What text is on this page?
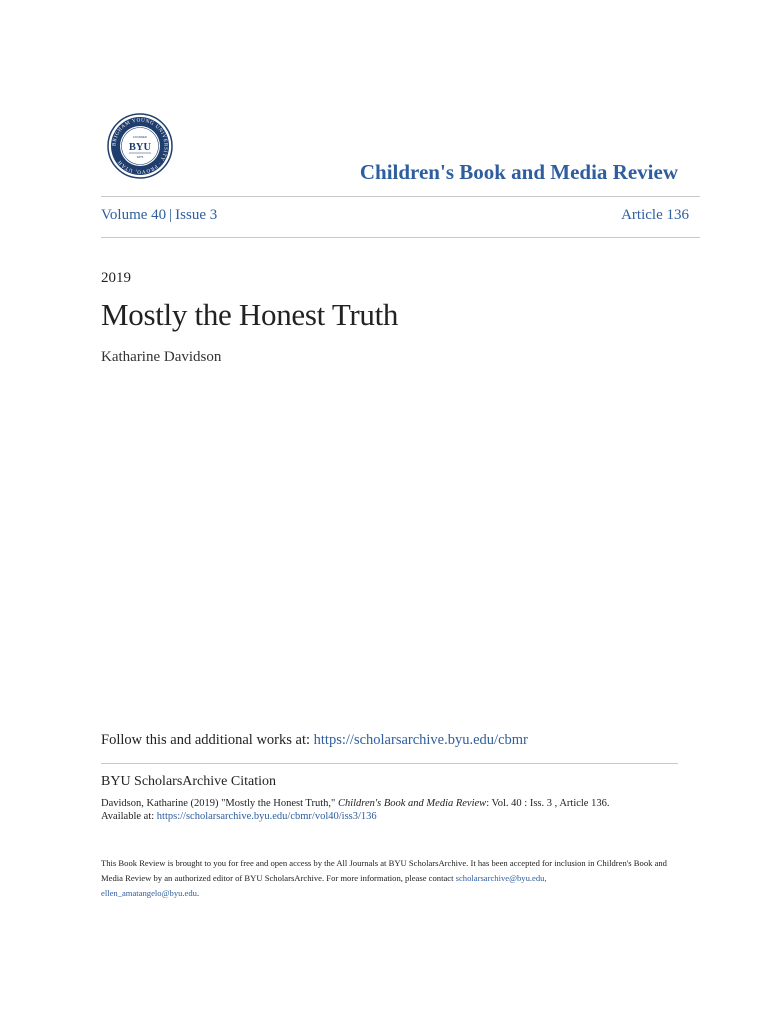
BRIGHAM YOUNG UNIVERSITY · PROVO, UTAH
FOUNDED
BYU
1875
Children's Book and Media Review
Volume 40 | Issue 3	Article 136
2019
Mostly the Honest Truth
Katharine Davidson
Follow this and additional works at: https://scholarsarchive.byu.edu/cbmr
BYU ScholarsArchive Citation
Davidson, Katharine (2019) "Mostly the Honest Truth," Children's Book and Media Review: Vol. 40 : Iss. 3 , Article 136.
Available at: https://scholarsarchive.byu.edu/cbmr/vol40/iss3/136
This Book Review is brought to you for free and open access by the All Journals at BYU ScholarsArchive. It has been accepted for inclusion in Children's Book and Media Review by an authorized editor of BYU ScholarsArchive. For more information, please contact scholarsarchive@byu.edu,
ellen_amatangelo@byu.edu.
